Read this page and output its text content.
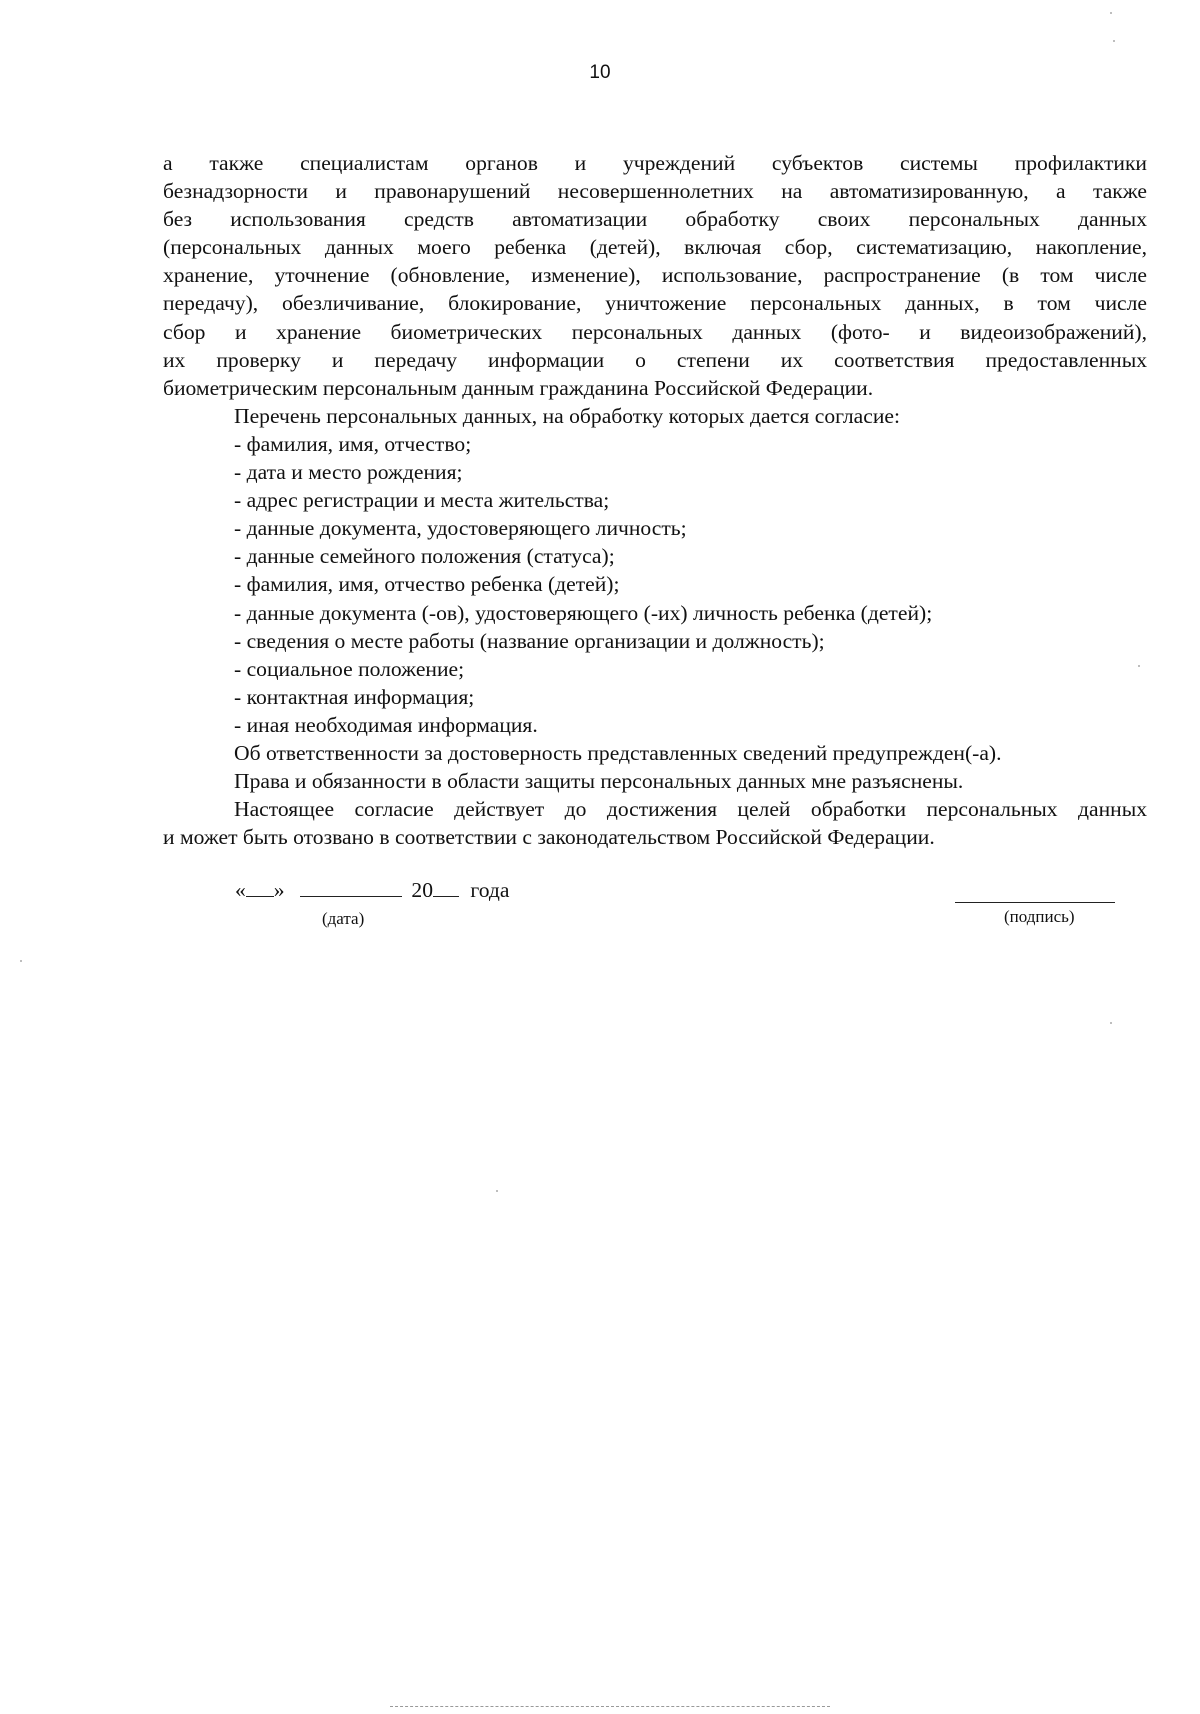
10

а также специалистам органов и учреждений субъектов системы профилактики

безнадзорности и правонарушений несовершеннолетних на автоматизированную, а также

без использования средств автоматизации обработку своих персональных данных

(персональных данных моего ребенка (детей), включая сбор, систематизацию, накопление,

хранение, уточнение (обновление, изменение), использование, распространение (в том числе

передачу), обезличивание, блокирование, уничтожение персональных данных, в том числе

сбор и хранение биометрических персональных данных (фото- и видеоизображений),

их проверку и передачу информации о степени их соответствия предоставленных

биометрическим персональным данным гражданина Российской Федерации.

Перечень персональных данных, на обработку которых дается согласие:

- фамилия, имя, отчество;
- дата и место рождения;
- адрес регистрации и места жительства;
- данные документа, удостоверяющего личность;
- данные семейного положения (статуса);
- фамилия, имя, отчество ребенка (детей);
- данные документа (-ов), удостоверяющего (-их) личность ребенка (детей);
- сведения о месте работы (название организации и должность);
- социальное положение;
- контактная информация;
- иная необходимая информация.

Об ответственности за достоверность представленных сведений предупрежден(-а).

Права и обязанности в области защиты персональных данных мне разъяснены.

Настоящее согласие действует до достижения целей обработки персональных данных

и может быть отозвано в соответствии с законодательством Российской Федерации.

« »	20 года
(дата)	(подпись)
